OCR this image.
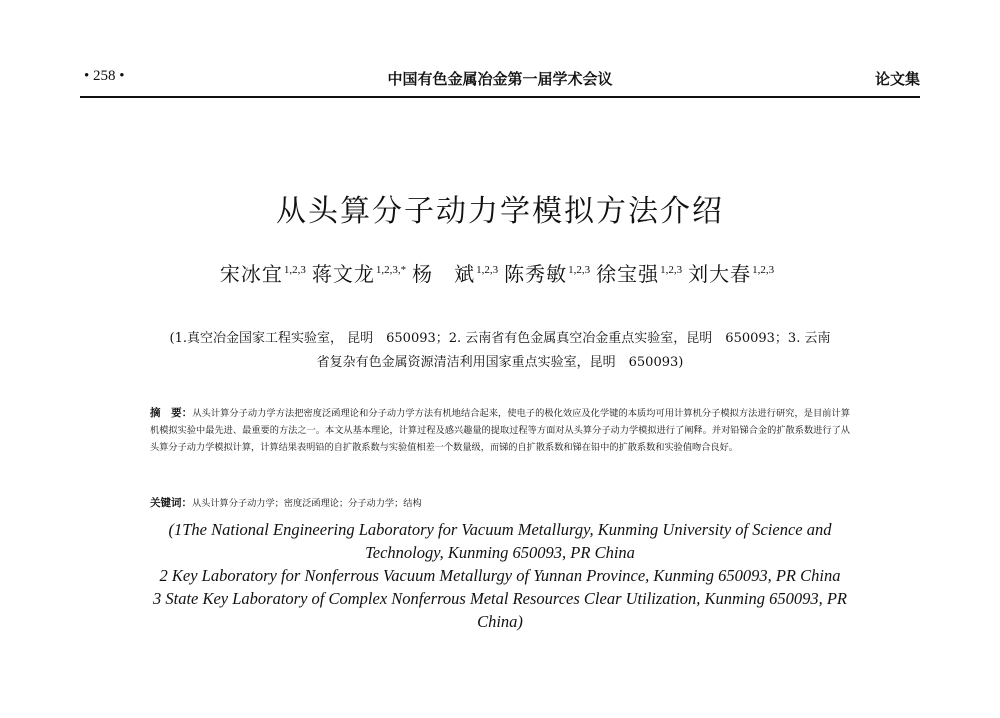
• 258 •	中国有色金属冶金第一届学术会议	论文集
从头算分子动力学模拟方法介绍
宋冰宜$^{1,2,3}$ 蒋文龙$^{1,2,3,*}$ 杨　斌$^{1,2,3}$ 陈秀敏$^{1,2,3}$ 徐宝强$^{1,2,3}$ 刘大春$^{1,2,3}$
(1.真空冶金国家工程实验室， 昆明　650093；2. 云南省有色金属真空冶金重点实验室，昆明　650093；3. 云南
省复杂有色金属资源清洁利用国家重点实验室，昆明　650093)
摘　要：从头计算分子动力学方法把密度泛函理论和分子动力学方法有机地结合起来，使电子的极化效应及化学键的本质均可用计算机分子模拟方法进行研究，是目前计算机模拟实验中最先进、最重要的方法之一。本文从基本理论，计算过程及感兴趣量的提取过程等方面对从头算分子动力学模拟进行了阐释。并对铅锑合金的扩散系数进行了从头算分子动力学模拟计算，计算结果表明铅的自扩散系数与实验值相差一个数量级，而锑的自扩散系数和锑在铅中的扩散系数和实验值吻合良好。
关键词：从头计算分子动力学；密度泛函理论；分子动力学；结构
(1The National Engineering Laboratory for Vacuum Metallurgy, Kunming University of Science and
Technology, Kunming 650093, PR China
2 Key Laboratory for Nonferrous Vacuum Metallurgy of Yunnan Province, Kunming 650093, PR China
3 State Key Laboratory of Complex Nonferrous Metal Resources Clear Utilization, Kunming 650093, PR
China)
